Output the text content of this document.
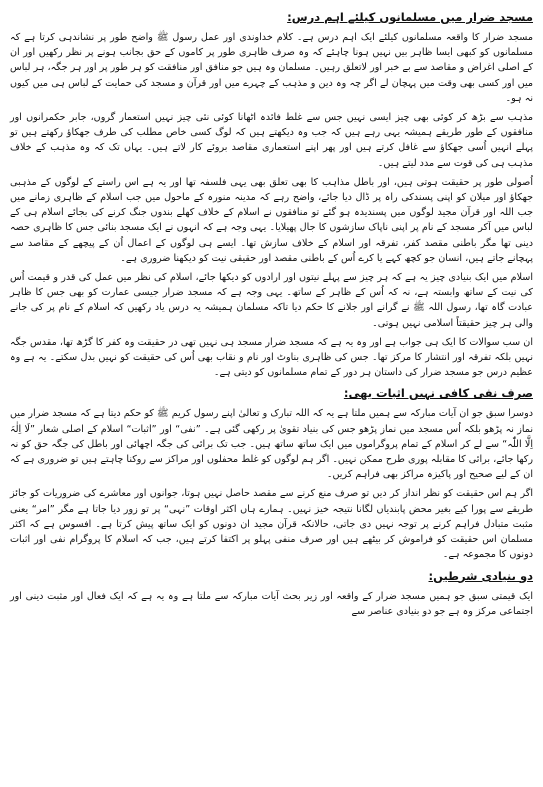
مسجد ضرار میں مسلمانوں کیلئے اہم درس:

مسجد ضرار کا واقعہ مسلمانوں کیلئے ایک اہم درس ہے۔ کلام خداوندی اور عمل رسول ﷺ واضح طور پر نشاندہی کرتا ہے کہ مسلمانوں کو کبھی ایسا ظاہر بیں نہیں ہونا چاہئے کہ وہ صرف ظاہری طور پر کاموں کے حق بجانب ہونے پر نظر رکھیں اور ان کے اصلی اغراض و مقاصد سے بے خبر اور لاتعلق رہیں۔ مسلمان وہ ہیں جو منافق اور منافقت کو ہر طور پر اور ہر جگہ، ہر لباس میں اور کسی بھی وقت میں پہچان لے اگر چہ وہ دین و مذہب کے چہرے میں اور قرآن و مسجد کی حمایت کے لباس ہی میں کیوں نہ ہو۔

مذہب سے بڑھ کر کوئی بھی چیز ایسی نہیں جس سے غلط فائدہ اٹھانا کوئی نئی چیز نہیں استعمار گروں، جابر حکمرانوں اور منافقوں کے طور طریقے ہمیشہ یہی رہے ہیں کہ جب وہ دیکھتے ہیں کہ لوگ کسی خاص مطلب کی طرف جھکاؤ رکھتے ہیں تو پہلے انہیں اُسی جھکاؤ سے غافل کرتے ہیں اور پھر اپنے استعماری مقاصد بروئے کار لاتے ہیں۔ یہاں تک کہ وہ مذہب کے خلاف مذہب ہی کی قوت سے مدد لیتے ہیں۔

اُصولی طور پر حقیقت ہوتی ہیں، اور باطل مذاہب کا بھی تعلق بھی یہی فلسفہ تھا اور یہ ہے اس راستے کے لوگوں کے مذہبی جھکاؤ اور میلان کو اپنی پسندکی راہ پر ڈال دیا جائے، واضح رہے کہ مدینہ منورہ کے ماحول میں جب اسلام کے ظاہری زمانے میں جب اللہ اور قرآن مجید لوگوں میں پسندیدہ ہو گئے تو منافقوں نے اسلام کے خلاف کھلے بندوں جنگ کرنے کی بجائے اسلام ہی کے لباس میں آکر مسجد کے نام پر اپنی ناپاک سازشوں کا جال پھیلایا۔ یہی وجہ ہے کہ انہوں نے ایک مسجد بنائی جس کا ظاہری حصہ دینی تھا مگر باطنی مقصد کفر، تفرقہ اور اسلام کے خلاف سازش تھا۔ ایسے ہی لوگوں کے اعمال اُن کے پیچھے کے مقاصد سے پہچانے جاتے ہیں، انسان جو کچھ کہے یا کرے اُس کے باطنی مقصد اور حقیقی نیت کو دیکھنا ضروری ہے۔

اسلام میں ایک بنیادی چیز یہ ہے کہ ہر چیز سے پہلے نیتوں اور ارادوں کو دیکھا جائے، اسلام کی نظر میں عمل کی قدر و قیمت اُس کی نیت کے ساتھ وابستہ ہے، نہ کہ اُس کے ظاہر کے ساتھ۔ یہی وجہ ہے کہ مسجد ضرار جیسی عمارت کو بھی جس کا ظاہر عبادت گاہ تھا، رسول اللہ ﷺ نے گرانے اور جلانے کا حکم دیا تاکہ مسلمان ہمیشہ یہ درس یاد رکھیں کہ اسلام کے نام پر کی جانے والی ہر چیز حقیقتاً اسلامی نہیں ہوتی۔

ان سب سوالات کا ایک ہی جواب ہے اور وہ یہ ہے کہ مسجد ضرار مسجد ہی نہیں تھی در حقیقت وہ کفر کا گڑھ تھا، مقدس جگہ نہیں بلکہ تفرقہ اور انتشار کا مرکز تھا۔ جس کی ظاہری بناوٹ اور نام و نقاب بھی اُس کی حقیقت کو نہیں بدل سکتے۔ یہ ہے وہ عظیم درس جو مسجد ضرار کی داستان ہر دور کے تمام مسلمانوں کو دیتی ہے۔

صرف نفی کافی نہیں اثبات بھی:

دوسرا سبق جو ان آیات مبارکہ سے ہمیں ملتا ہے یہ کہ اللہ تبارک و تعالیٰ اپنے رسول کریم ﷺ کو حکم دیتا ہے کہ مسجد ضرار میں نماز نہ پڑھو بلکہ اُس مسجد میں نماز پڑھو جس کی بنیاد تقویٰ پر رکھی گئی ہے۔ ”نفی“ اور ”اثبات“ اسلام کے اصلی شعار ”لَا اِلٰہَ اِلَّا اللّٰہ“ سے لے کر اسلام کے تمام پروگراموں میں ایک ساتھ ساتھ ہیں۔ جب تک برائی کی جگہ اچھائی اور باطل کی جگہ حق کو نہ رکھا جائے، برائی کا مقابلہ پوری طرح ممکن نہیں۔ اگر ہم لوگوں کو غلط محفلوں اور مراکز سے روکنا چاہتے ہیں تو ضروری ہے کہ ان کے لیے صحیح اور پاکیزہ مراکز بھی فراہم کریں۔

اگر ہم اس حقیقت کو نظر انداز کر دیں تو صرف منع کرنے سے مقصد حاصل نہیں ہوتا، جوانوں اور معاشرے کی ضروریات کو جائز طریقے سے پورا کیے بغیر محض پابندیاں لگانا نتیجہ خیز نہیں۔ ہمارے ہاں اکثر اوقات ”نہی“ پر تو زور دیا جاتا ہے مگر ”امر“ یعنی مثبت متبادل فراہم کرنے پر توجہ نہیں دی جاتی، حالانکہ قرآن مجید ان دونوں کو ایک ساتھ پیش کرتا ہے۔ افسوس ہے کہ اکثر مسلمان اس حقیقت کو فراموش کر بیٹھے ہیں اور صرف منفی پہلو پر اکتفا کرتے ہیں، جب کہ اسلام کا پروگرام نفی اور اثبات دونوں کا مجموعہ ہے۔

دو بنیادی شرطیں:

ایک قیمتی سبق جو ہمیں مسجد ضرار کے واقعہ اور زیر بحث آیات مبارکہ سے ملتا ہے وہ یہ ہے کہ ایک فعال اور مثبت دینی اور اجتماعی مرکز وہ ہے جو دو بنیادی عناصر سے
